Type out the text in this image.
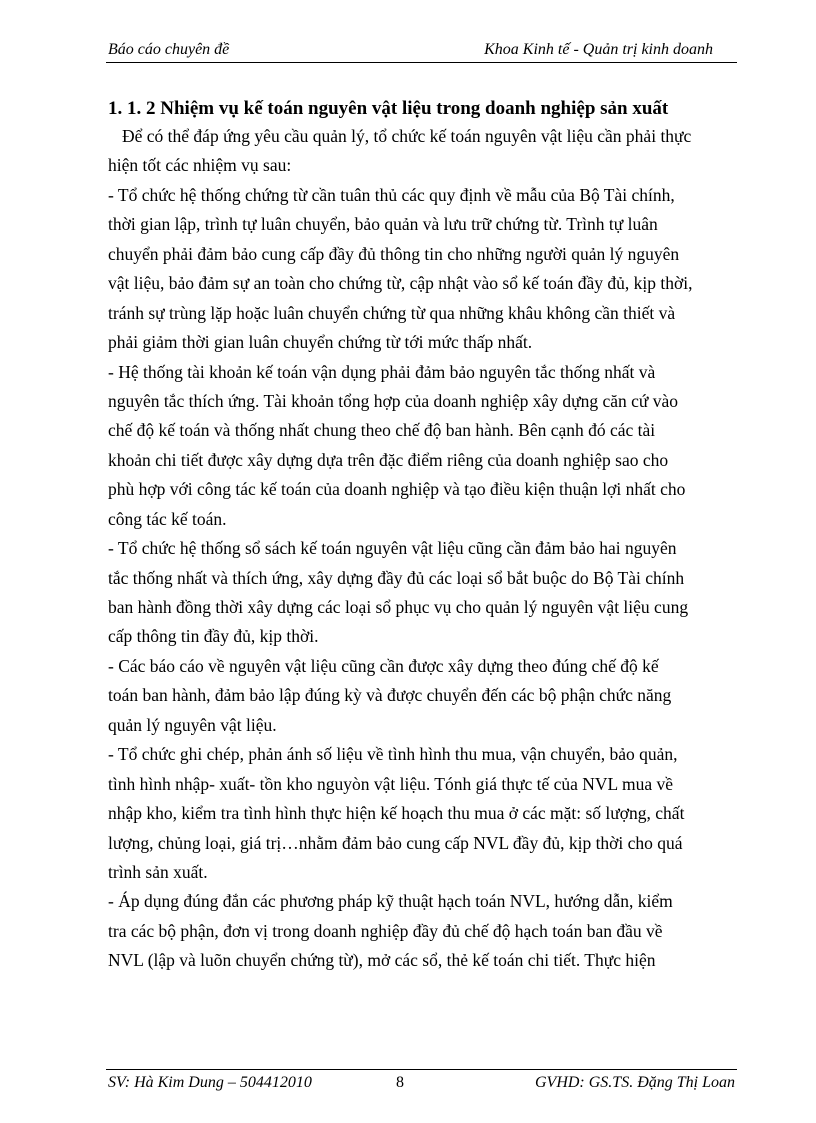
Báo cáo chuyên đề	Khoa Kinh tế - Quản trị kinh doanh

1. 1. 2 Nhiệm vụ kế toán nguyên vật liệu trong doanh nghiệp sản xuất

Để có thể đáp ứng yêu cầu quản lý, tổ chức kế toán nguyên vật liệu cần phải thực
hiện tốt các nhiệm vụ sau:
- Tổ chức hệ thống chứng từ cần tuân thủ các quy định về mẫu của Bộ Tài chính,
thời gian lập, trình tự luân chuyển, bảo quản và lưu trữ chứng từ. Trình tự luân
chuyển phải đảm bảo cung cấp đầy đủ thông tin cho những người quản lý nguyên
vật liệu, bảo đảm sự an toàn cho chứng từ, cập nhật vào sổ kế toán đầy đủ, kịp thời,
tránh sự trùng lặp hoặc luân chuyển chứng từ qua những khâu không cần thiết và
phải giảm thời gian luân chuyển chứng từ tới mức thấp nhất.
- Hệ thống tài khoản kế toán vận dụng phải đảm bảo nguyên tắc thống nhất và
nguyên tắc thích ứng. Tài khoản tổng hợp của doanh nghiệp xây dựng căn cứ vào
chế độ kế toán và thống nhất chung theo chế độ ban hành. Bên cạnh đó các tài
khoản chi tiết được xây dựng dựa trên đặc điểm riêng của doanh nghiệp sao cho
phù hợp với công tác kế toán của doanh nghiệp và tạo điều kiện thuận lợi nhất cho
công tác kế toán.
- Tổ chức hệ thống sổ sách kế toán nguyên vật liệu cũng cần đảm bảo hai nguyên
tắc thống nhất và thích ứng, xây dựng đầy đủ các loại sổ bắt buộc do Bộ Tài chính
ban hành đồng thời xây dựng các loại sổ phục vụ cho quản lý nguyên vật liệu cung
cấp thông tin đầy đủ, kịp thời.
- Các báo cáo về nguyên vật liệu cũng cần được xây dựng theo đúng chế độ kế
toán ban hành, đảm bảo lập đúng kỳ và được chuyển đến các bộ phận chức năng
quản lý nguyên vật liệu.
- Tổ chức ghi chép, phản ánh số liệu về tình hình thu mua, vận chuyển, bảo quản,
tình hình nhập- xuất- tồn kho nguyòn vật liệu. Tónh giá thực tế của NVL mua về
nhập kho, kiểm tra tình hình thực hiện kế hoạch thu mua ở các mặt: số lượng, chất
lượng, chủng loại, giá trị…nhằm đảm bảo cung cấp NVL đầy đủ, kịp thời cho quá
trình sản xuất.
- Áp dụng đúng đắn các phương pháp kỹ thuật hạch toán NVL, hướng dẫn, kiểm
tra các bộ phận, đơn vị trong doanh nghiệp đầy đủ chế độ hạch toán ban đầu về
NVL (lập và luõn chuyển chứng từ), mở các sổ, thẻ kế toán chi tiết. Thực hiện
SV: Hà Kim Dung – 504412010	8	GVHD: GS.TS. Đặng Thị Loan
